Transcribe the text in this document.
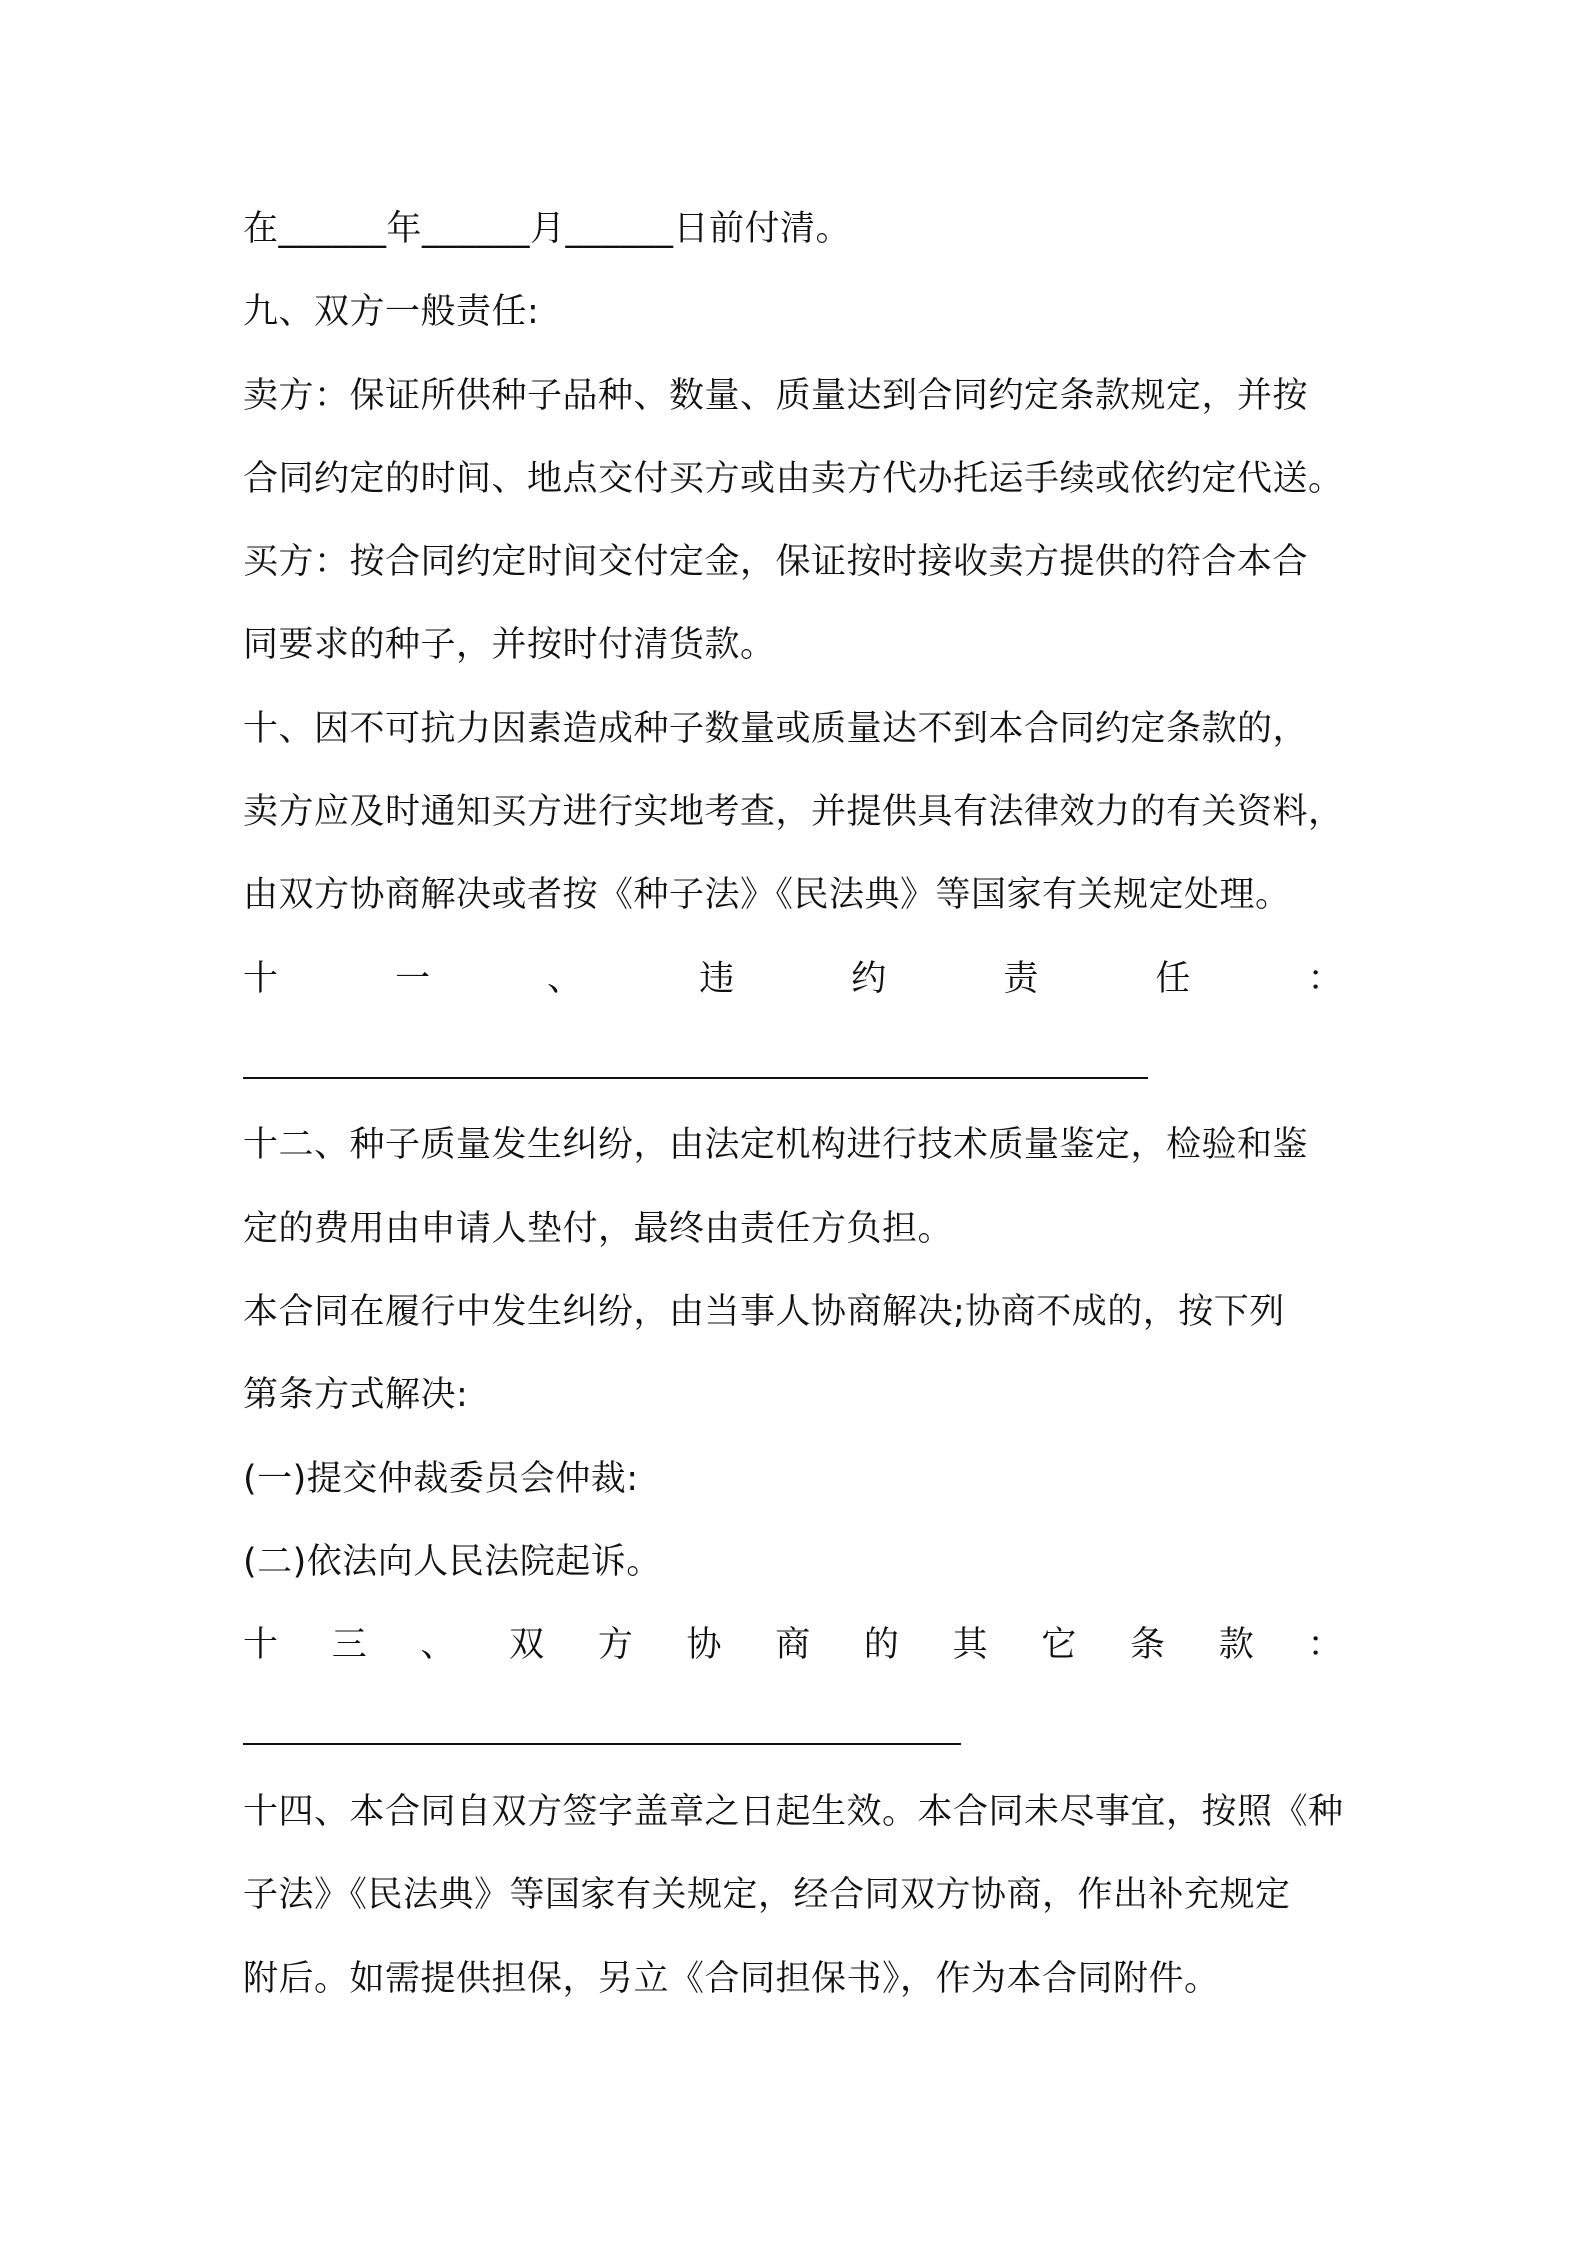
在______年______月______日前付清。
九、双方一般责任:
卖方：保证所供种子品种、数量、质量达到合同约定条款规定，并按
合同约定的时间、地点交付买方或由卖方代办托运手续或依约定代送。
买方：按合同约定时间交付定金，保证按时接收卖方提供的符合本合
同要求的种子，并按时付清货款。
十、因不可抗力因素造成种子数量或质量达不到本合同约定条款的，
卖方应及时通知买方进行实地考查，并提供具有法律效力的有关资料，
由双方协商解决或者按《种子法》《民法典》等国家有关规定处理。
十	一	、	违	约	责	任	：
十二、种子质量发生纠纷，由法定机构进行技术质量鉴定，检验和鉴
定的费用由申请人垫付，最终由责任方负担。
本合同在履行中发生纠纷，由当事人协商解决;协商不成的，按下列
第条方式解决:
(一)提交仲裁委员会仲裁:
(二)依法向人民法院起诉。
十 三 、 双 方 协 商 的 其 它 条 款 ：
十四、本合同自双方签字盖章之日起生效。本合同未尽事宜，按照《种
子法》《民法典》等国家有关规定，经合同双方协商，作出补充规定
附后。如需提供担保，另立《合同担保书》，作为本合同附件。
